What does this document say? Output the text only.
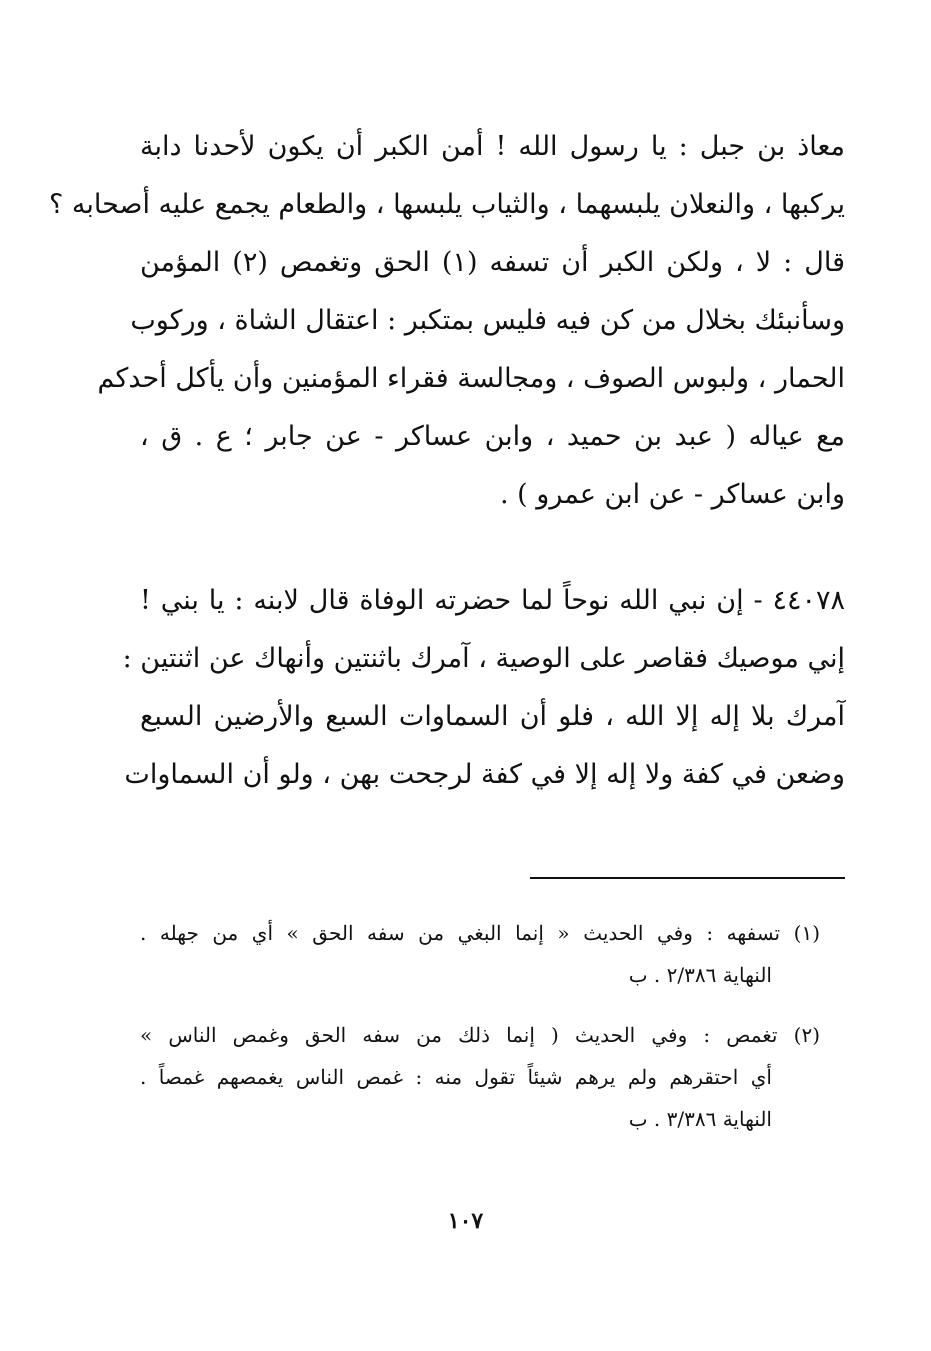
معاذ بن جبل : يا رسول الله ! أمن الكبر أن يكون لأحدنا دابة
يركبها ، والنعلان يلبسهما ، والثياب يلبسها ، والطعام يجمع عليه أصحابه ؟
قال : لا ، ولكن الكبر أن تسفه (١) الحق وتغمص (٢) المؤمن
وسأنبئك بخلال من كن فيه فليس بمتكبر : اعتقال الشاة ، وركوب
الحمار ، ولبوس الصوف ، ومجالسة فقراء المؤمنين وأن يأكل أحدكم
مع عياله ( عبد بن حميد ، وابن عساكر - عن جابر ؛ ع . ق ،
وابن عساكر - عن ابن عمرو ) .
٤٤٠٧٨ - إن نبي الله نوحاً لما حضرته الوفاة قال لابنه : يا بني !
إني موصيك فقاصر على الوصية ، آمرك باثنتين وأنهاك عن اثنتين :
آمرك بلا إله إلا الله ، فلو أن السماوات السبع والأرضين السبع
وضعن في كفة ولا إله إلا في كفة لرجحت بهن ، ولو أن السماوات
(١) تسفهه : وفي الحديث « إنما البغي من سفه الحق » أي من جهله .
النهاية ٢/٣٨٦ . ب
(٢) تغمص : وفي الحديث ( إنما ذلك من سفه الحق وغمص الناس »
أي احتقرهم ولم يرهم شيئاً تقول منه : غمص الناس يغمصهم غمصاً .
النهاية ٣/٣٨٦ . ب
١٠٧
